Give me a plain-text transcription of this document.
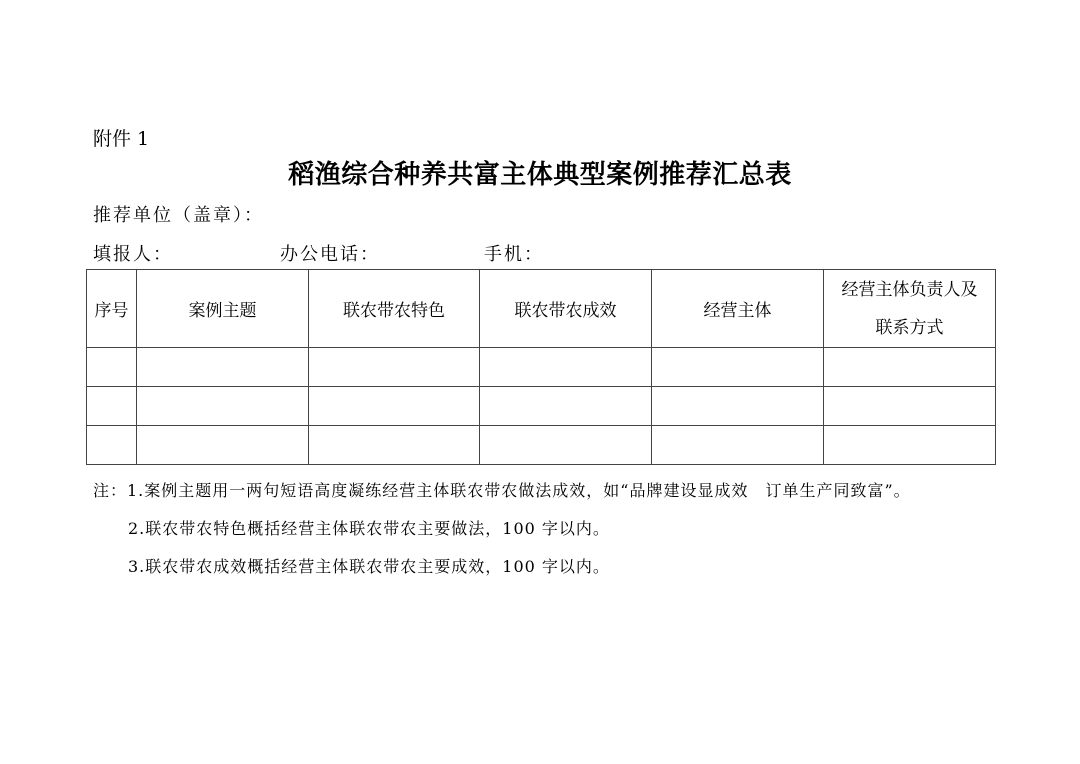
附件 1
稻渔综合种养共富主体典型案例推荐汇总表
推荐单位（盖章）：
填报人：	办公电话：	手机：
序号	案例主题	联农带农特色	联农带农成效	经营主体	经营主体负责人及
联系方式

注：1.案例主题用一两句短语高度凝练经营主体联农带农做法成效，如“品牌建设显成效　订单生产同致富”。
2.联农带农特色概括经营主体联农带农主要做法，100 字以内。
3.联农带农成效概括经营主体联农带农主要成效，100 字以内。
